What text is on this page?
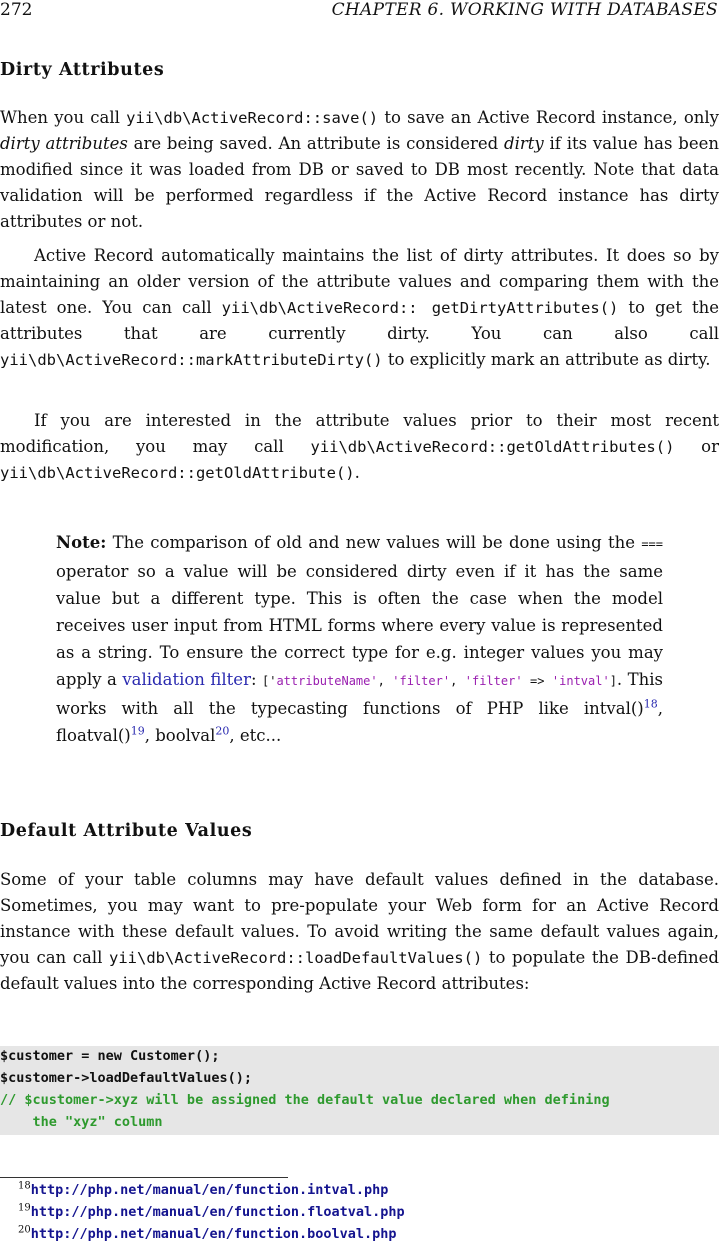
272	CHAPTER 6. WORKING WITH DATABASES
Dirty Attributes

When you call yii\db\ActiveRecord::save() to save an Active Record instance, only dirty attributes are being saved. An attribute is considered dirty if its value has been modified since it was loaded from DB or saved to DB most recently. Note that data validation will be performed regardless if the Active Record instance has dirty attributes or not.

Active Record automatically maintains the list of dirty attributes. It does so by maintaining an older version of the attribute values and comparing them with the latest one. You can call yii\db\ActiveRecord:: getDirtyAttributes() to get the attributes that are currently dirty. You can also call yii\db\ActiveRecord::markAttributeDirty() to explicitly mark an attribute as dirty.

If you are interested in the attribute values prior to their most recent modification, you may call yii\db\ActiveRecord::getOldAttributes() or yii\db\ActiveRecord::getOldAttribute().

Note: The comparison of old and new values will be done using the === operator so a value will be considered dirty even if it has the same value but a different type. This is often the case when the model receives user input from HTML forms where every value is represented as a string. To ensure the correct type for e.g. integer values you may apply a validation filter: ['attributeName', 'filter', 'filter' => 'intval']. This works with all the typecasting functions of PHP like intval()$^{18}$, floatval()$^{19}$, boolval$^{20}$, etc...

Default Attribute Values

Some of your table columns may have default values defined in the database. Sometimes, you may want to pre-populate your Web form for an Active Record instance with these default values. To avoid writing the same default values again, you can call yii\db\ActiveRecord::loadDefaultValues() to populate the DB-defined default values into the corresponding Active Record attributes:

$customer = new Customer();
$customer->loadDefaultValues();
// $customer->xyz will be assigned the default value declared when defining
the "xyz" column
$^{18}$http://php.net/manual/en/function.intval.php
$^{19}$http://php.net/manual/en/function.floatval.php
$^{20}$http://php.net/manual/en/function.boolval.php
